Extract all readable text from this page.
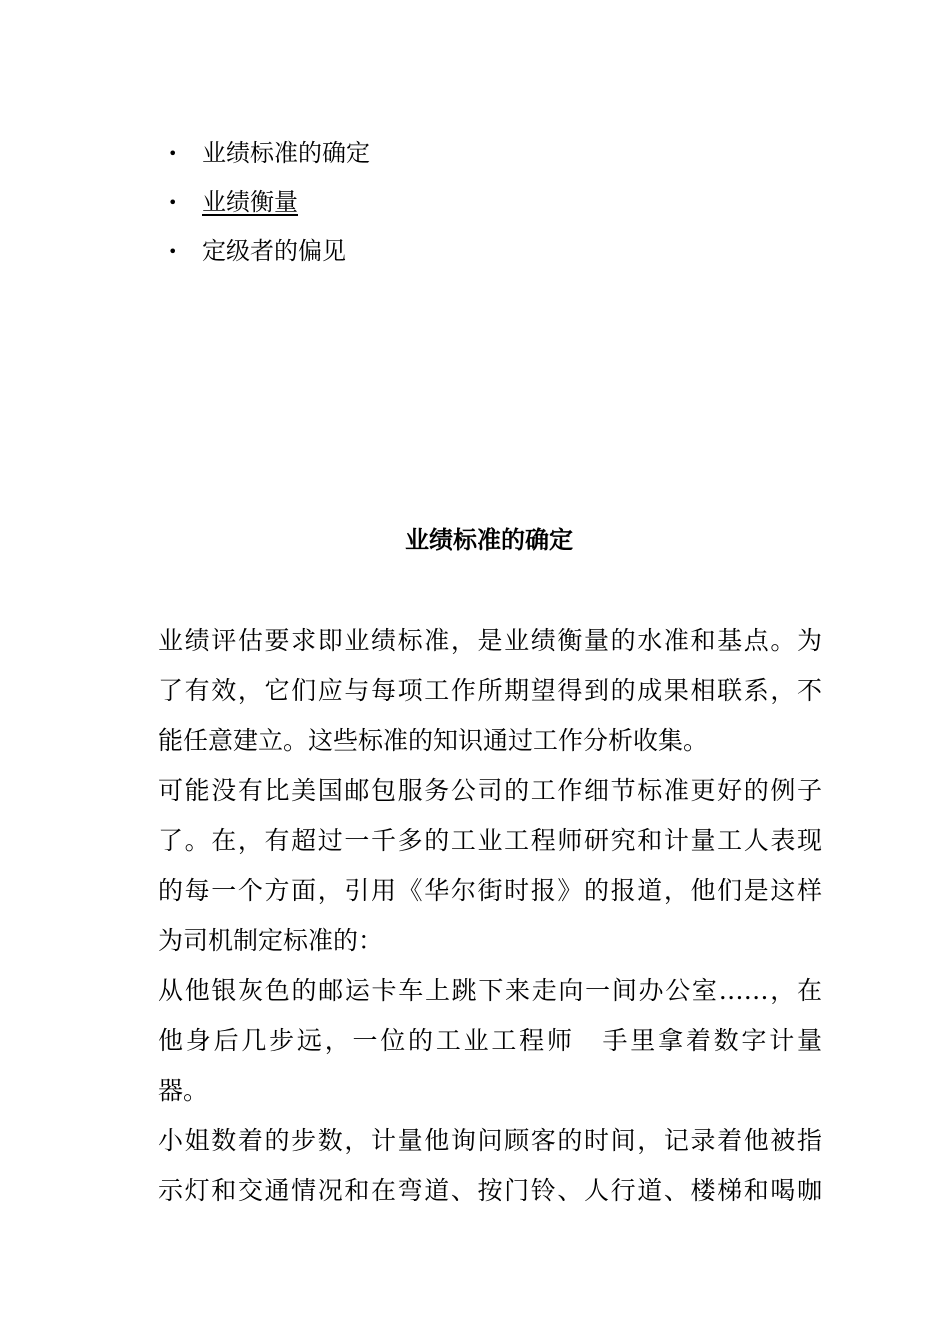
• 业绩标准的确定
• 业绩衡量
• 定级者的偏见
业绩标准的确定
业绩评估要求即业绩标准，是业绩衡量的水准和基点。为
了有效，它们应与每项工作所期望得到的成果相联系，不
能任意建立。这些标准的知识通过工作分析收集。
可能没有比美国邮包服务公司的工作细节标准更好的例子
了。在，有超过一千多的工业工程师研究和计量工人表现
的每一个方面，引用《华尔街时报》的报道，他们是这样
为司机制定标准的：
从他银灰色的邮运卡车上跳下来走向一间办公室……，在
他身后几步远，一位的工业工程师　手里拿着数字计量
器。
小姐数着的步数，计量他询问顾客的时间，记录着他被指
示灯和交通情况和在弯道、按门铃、人行道、楼梯和喝咖
